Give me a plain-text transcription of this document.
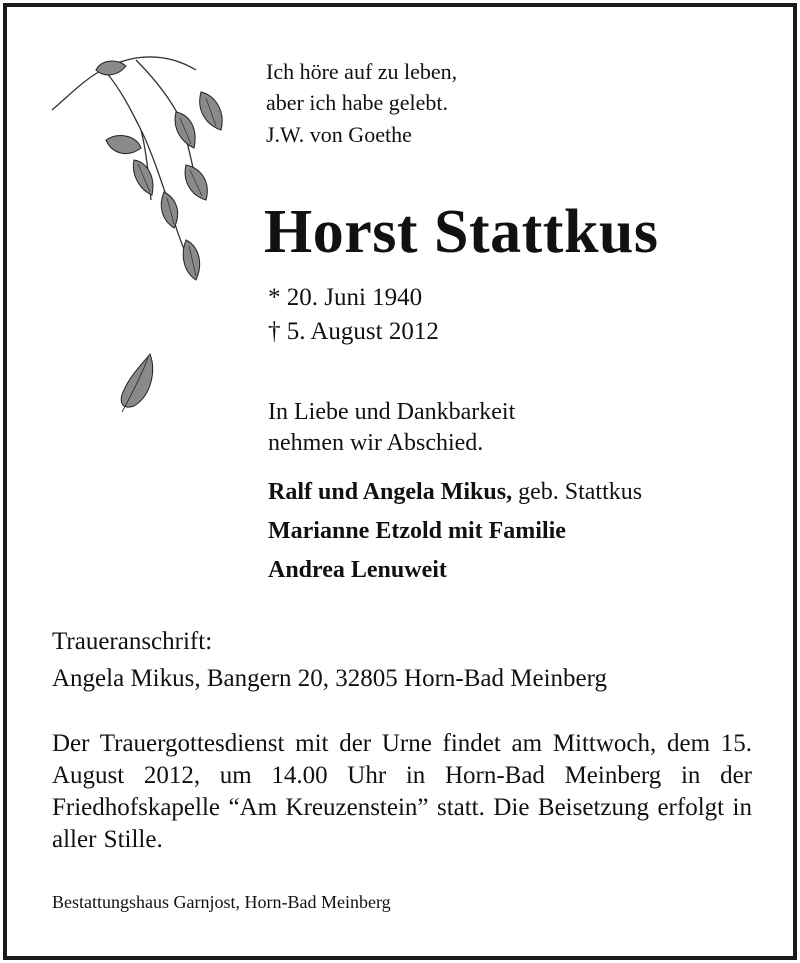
Ich höre auf zu leben,

aber ich habe gelebt.

J.W. von Goethe

Horst Stattkus

* 20. Juni 1940

† 5. August 2012

In Liebe und Dankbarkeit

nehmen wir Abschied.

Ralf und Angela Mikus, geb. Stattkus

Marianne Etzold mit Familie

Andrea Lenuweit

Traueranschrift:

Angela Mikus, Bangern 20, 32805 Horn-Bad Meinberg

Der Trauergottesdienst mit der Urne findet am Mittwoch, dem 15. August 2012, um 14.00 Uhr in Horn-Bad Meinberg in der Friedhofskapelle “Am Kreuzenstein” statt. Die Beisetzung erfolgt in aller Stille.

Bestattungshaus Garnjost, Horn-Bad Meinberg
